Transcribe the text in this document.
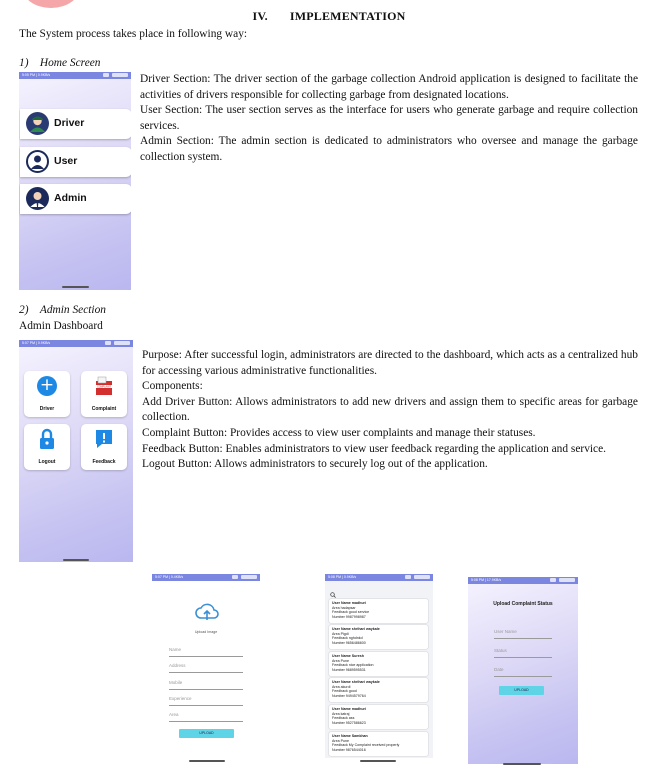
IV. IMPLEMENTATION
The System process takes place in following way:
1) Home Screen
5:05 PM | 0.9KB/s
Driver
User
Admin
Driver Section: The driver section of the garbage collection Android application is designed to facilitate the activities of drivers responsible for collecting garbage from designated locations.
User Section: The user section serves as the interface for users who generate garbage and require collection services.
Admin Section: The admin section is dedicated to administrators who oversee and manage the garbage collection system.
2) Admin Section
Admin Dashboard
5:07 PM | 0.9KB/s
+
Driver
COMPLAINT
Complaint
Logout	Feedback
Purpose: After successful login, administrators are directed to the dashboard, which acts as a centralized hub for accessing various administrative functionalities.
Components:
Add Driver Button: Allows administrators to add new drivers and assign them to specific areas for garbage collection.
Complaint Button: Provides access to view user complaints and manage their statuses.
Feedback Button: Enables administrators to view user feedback regarding the application and service.
Logout Button: Allows administrators to securely log out of the application.
5:07 PM | 0.4KB/s
Upload Image
Name
Address
Mobile
Experience
Area
UPLOAD
5:08 PM | 0.9KB/s
User Name madhuri
Area hadapsar
Feedback good service
Number 9987998987
User Name shrihari waykale
Area Pigdi
Feedback nghdnkd
Number 9656486600
User Name Suresh
Area Pune
Feedback nice application
Number 9689595531
User Name shrihari waykale
Area akurdi
Feedback good
Number 9494579764
User Name madhuri
Area katraj
Feedback ass
Number 9527586623
User Name Samkhan
Area Pune
Feedback My Complaint received properly
Number 9876544016
5:08 PM | 17.9KB/s
Upload Complaint Status
User Name
Status
Date
UPLOAD
